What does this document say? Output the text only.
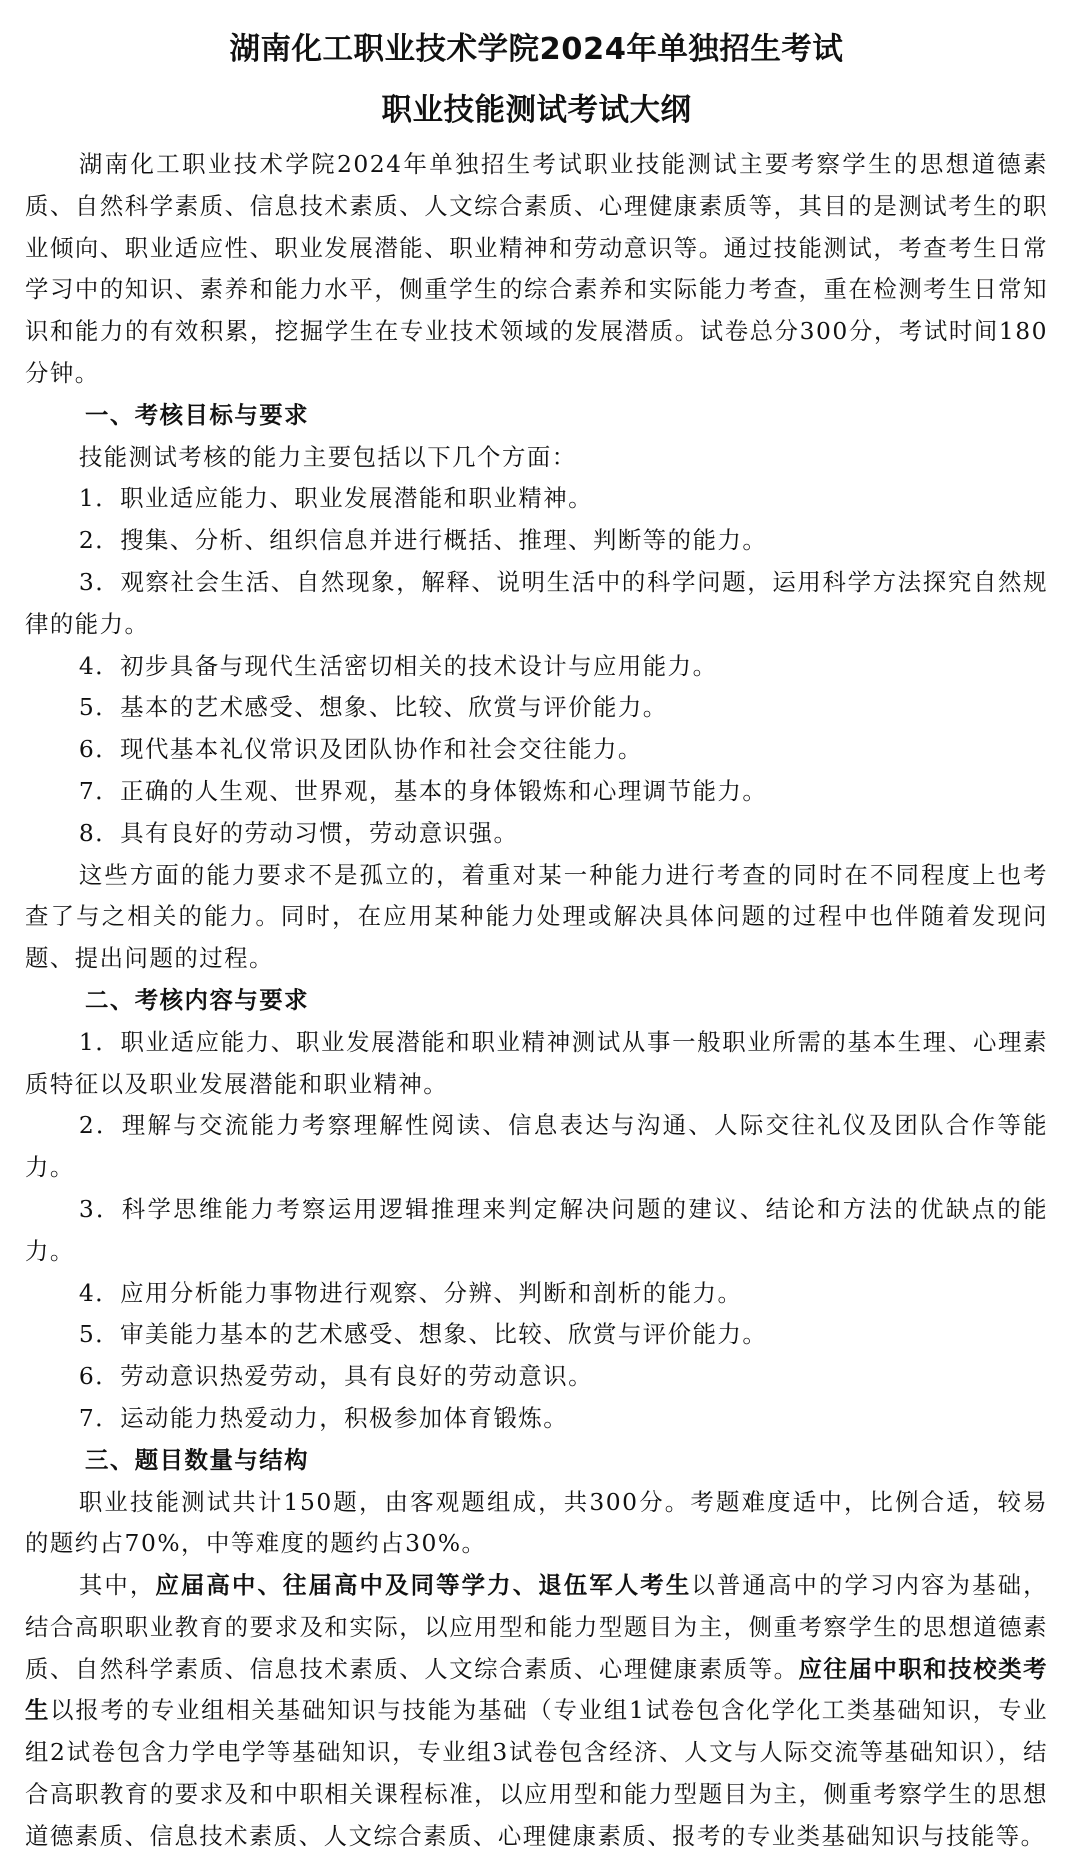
湖南化工职业技术学院2024年单独招生考试
职业技能测试考试大纲

湖南化工职业技术学院2024年单独招生考试职业技能测试主要考察学生的思想道德素质、自然科学素质、信息技术素质、人文综合素质、心理健康素质等，其目的是测试考生的职业倾向、职业适应性、职业发展潜能、职业精神和劳动意识等。通过技能测试，考查考生日常学习中的知识、素养和能力水平，侧重学生的综合素养和实际能力考查，重在检测考生日常知识和能力的有效积累，挖掘学生在专业技术领域的发展潜质。试卷总分300分，考试时间180分钟。

一、考核目标与要求

技能测试考核的能力主要包括以下几个方面：

1．职业适应能力、职业发展潜能和职业精神。

2．搜集、分析、组织信息并进行概括、推理、判断等的能力。

3．观察社会生活、自然现象，解释、说明生活中的科学问题，运用科学方法探究自然规律的能力。

4．初步具备与现代生活密切相关的技术设计与应用能力。

5．基本的艺术感受、想象、比较、欣赏与评价能力。

6．现代基本礼仪常识及团队协作和社会交往能力。

7．正确的人生观、世界观，基本的身体锻炼和心理调节能力。

8．具有良好的劳动习惯，劳动意识强。

这些方面的能力要求不是孤立的，着重对某一种能力进行考查的同时在不同程度上也考查了与之相关的能力。同时，在应用某种能力处理或解决具体问题的过程中也伴随着发现问题、提出问题的过程。

二、考核内容与要求

1．职业适应能力、职业发展潜能和职业精神测试从事一般职业所需的基本生理、心理素质特征以及职业发展潜能和职业精神。

2．理解与交流能力考察理解性阅读、信息表达与沟通、人际交往礼仪及团队合作等能力。

3．科学思维能力考察运用逻辑推理来判定解决问题的建议、结论和方法的优缺点的能力。

4．应用分析能力事物进行观察、分辨、判断和剖析的能力。

5．审美能力基本的艺术感受、想象、比较、欣赏与评价能力。

6．劳动意识热爱劳动，具有良好的劳动意识。

7．运动能力热爱动力，积极参加体育锻炼。

三、题目数量与结构

职业技能测试共计150题，由客观题组成，共300分。考题难度适中，比例合适，较易的题约占70%，中等难度的题约占30%。

其中，应届高中、往届高中及同等学力、退伍军人考生以普通高中的学习内容为基础，结合高职职业教育的要求及和实际，以应用型和能力型题目为主，侧重考察学生的思想道德素质、自然科学素质、信息技术素质、人文综合素质、心理健康素质等。应往届中职和技校类考生以报考的专业组相关基础知识与技能为基础（专业组1试卷包含化学化工类基础知识，专业组2试卷包含力学电学等基础知识，专业组3试卷包含经济、人文与人际交流等基础知识），结合高职教育的要求及和中职相关课程标准，以应用型和能力型题目为主，侧重考察学生的思想道德素质、信息技术素质、人文综合素质、心理健康素质、报考的专业类基础知识与技能等。
